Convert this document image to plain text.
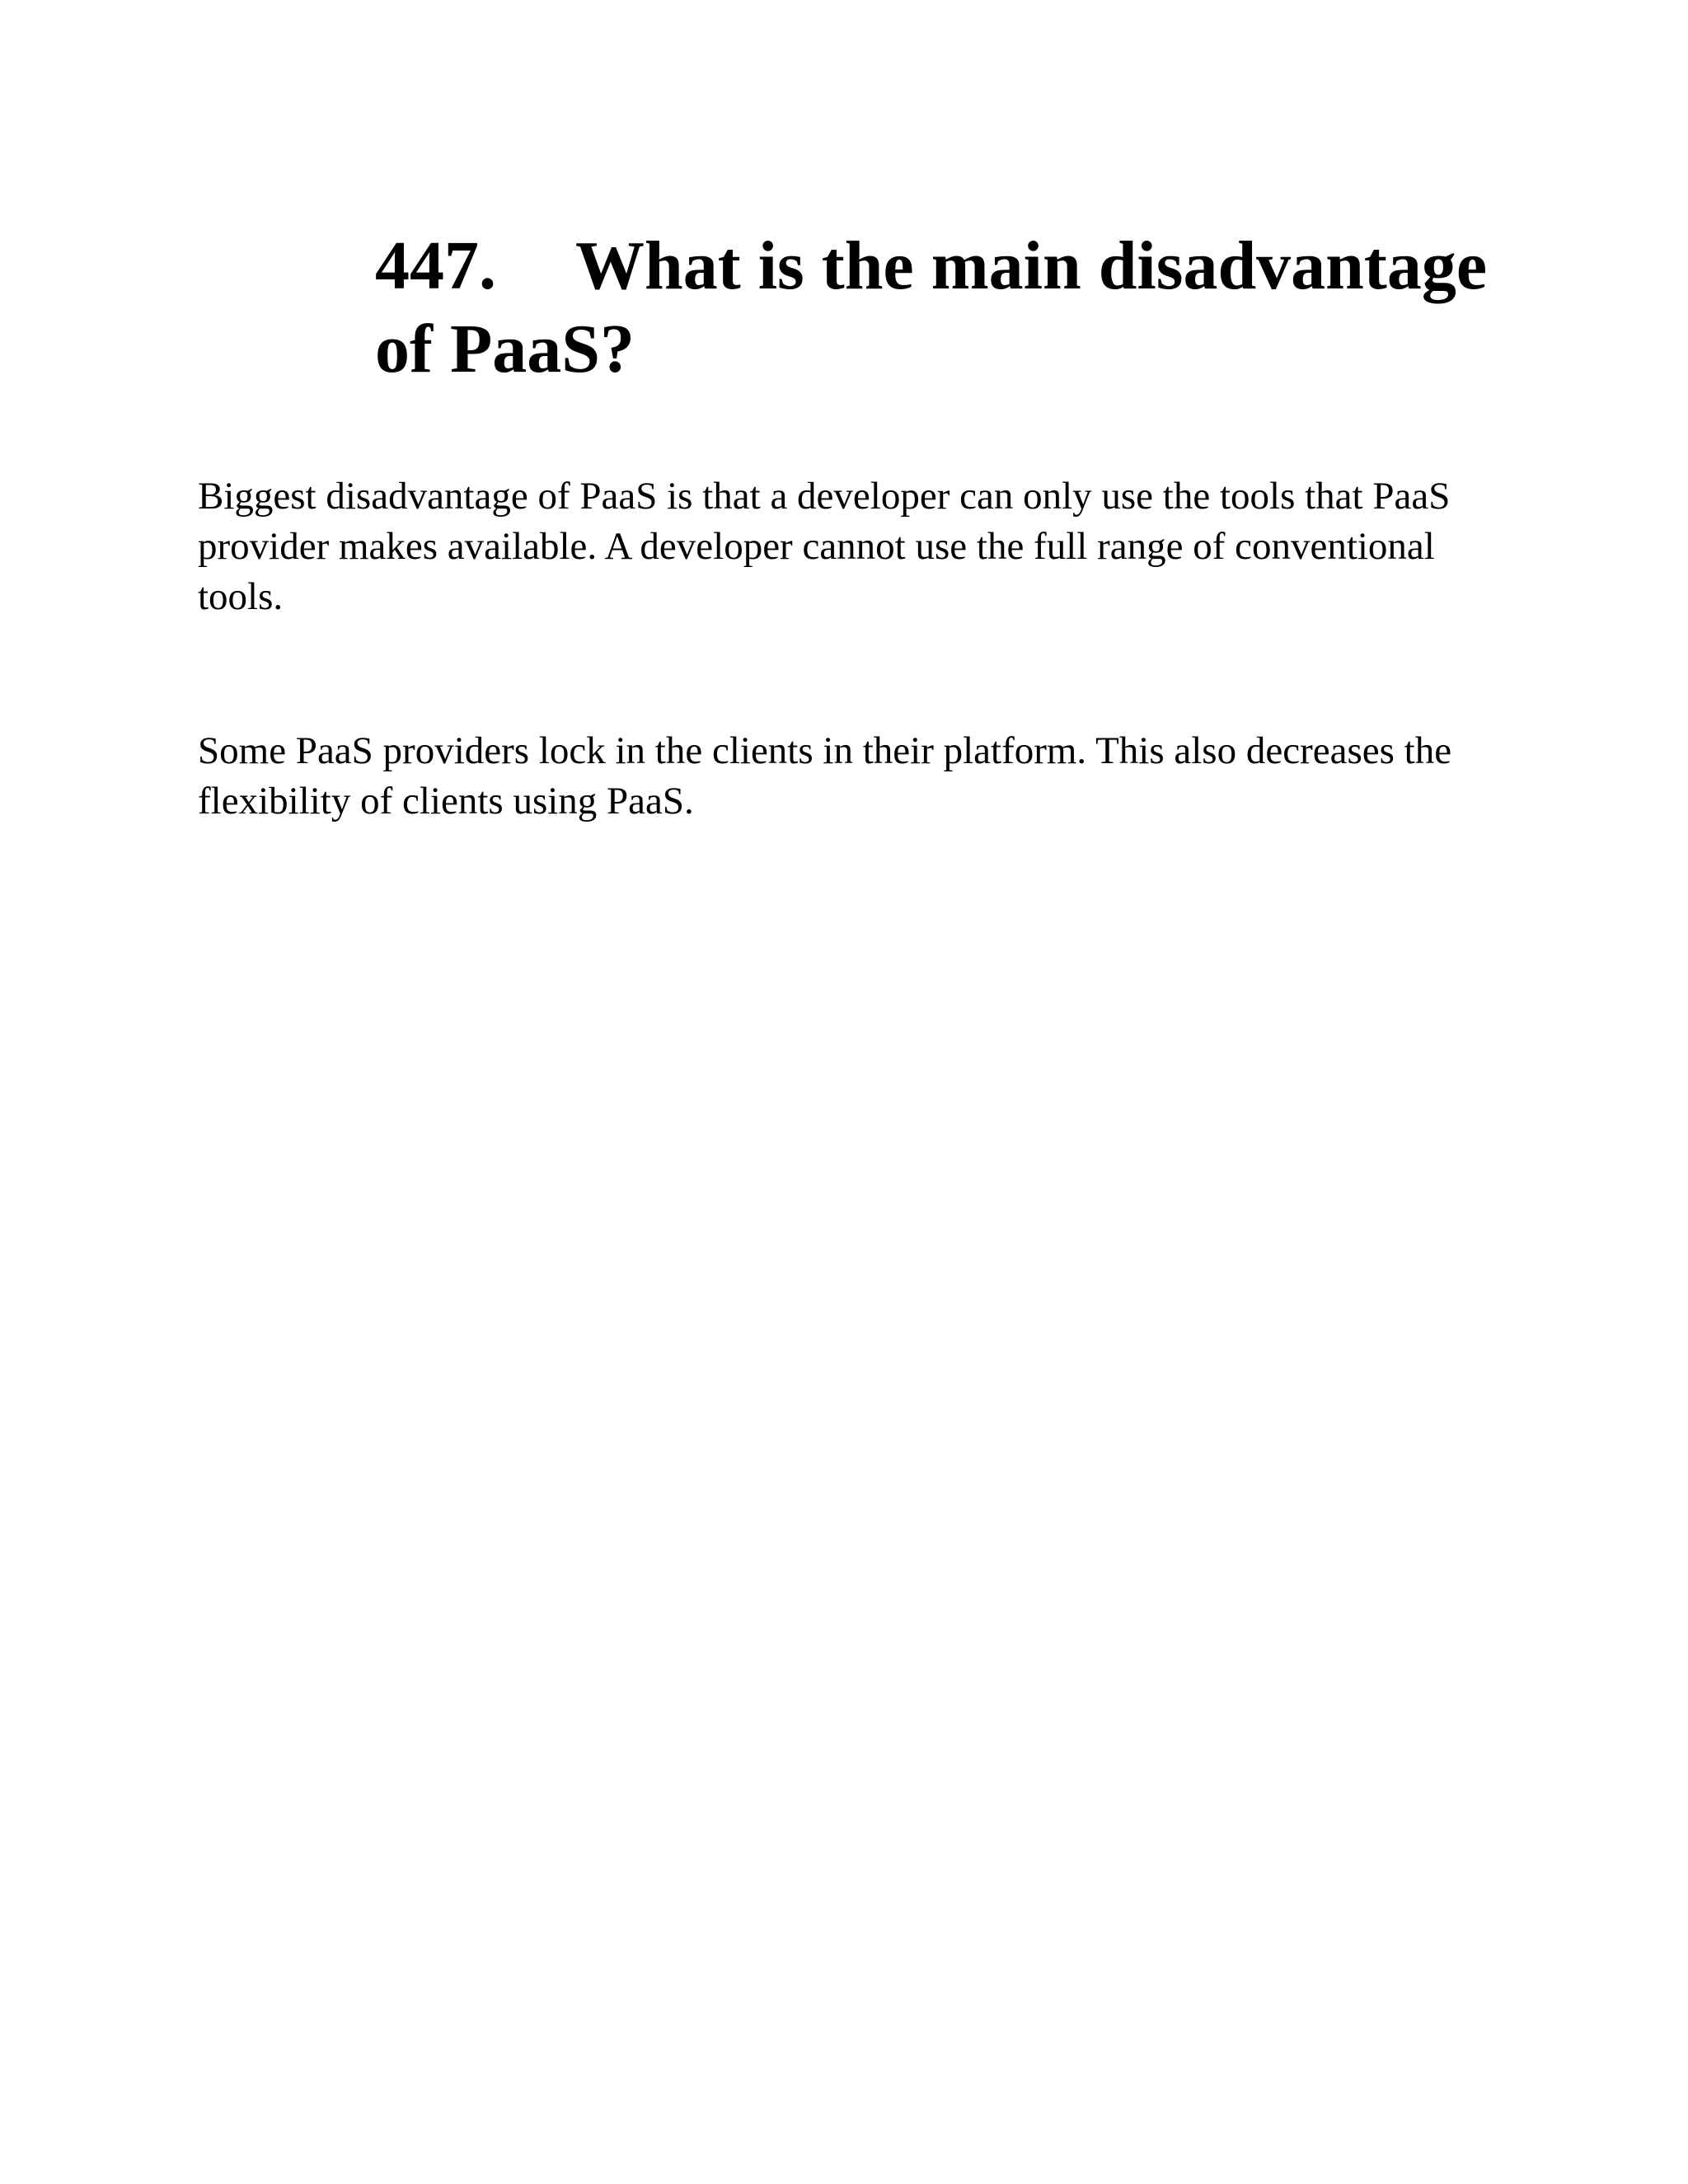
447. What is the main disadvantage of PaaS?

Biggest disadvantage of PaaS is that a developer can only use the tools that PaaS provider makes available. A developer cannot use the full range of conventional tools.

Some PaaS providers lock in the clients in their platform. This also decreases the flexibility of clients using PaaS.
